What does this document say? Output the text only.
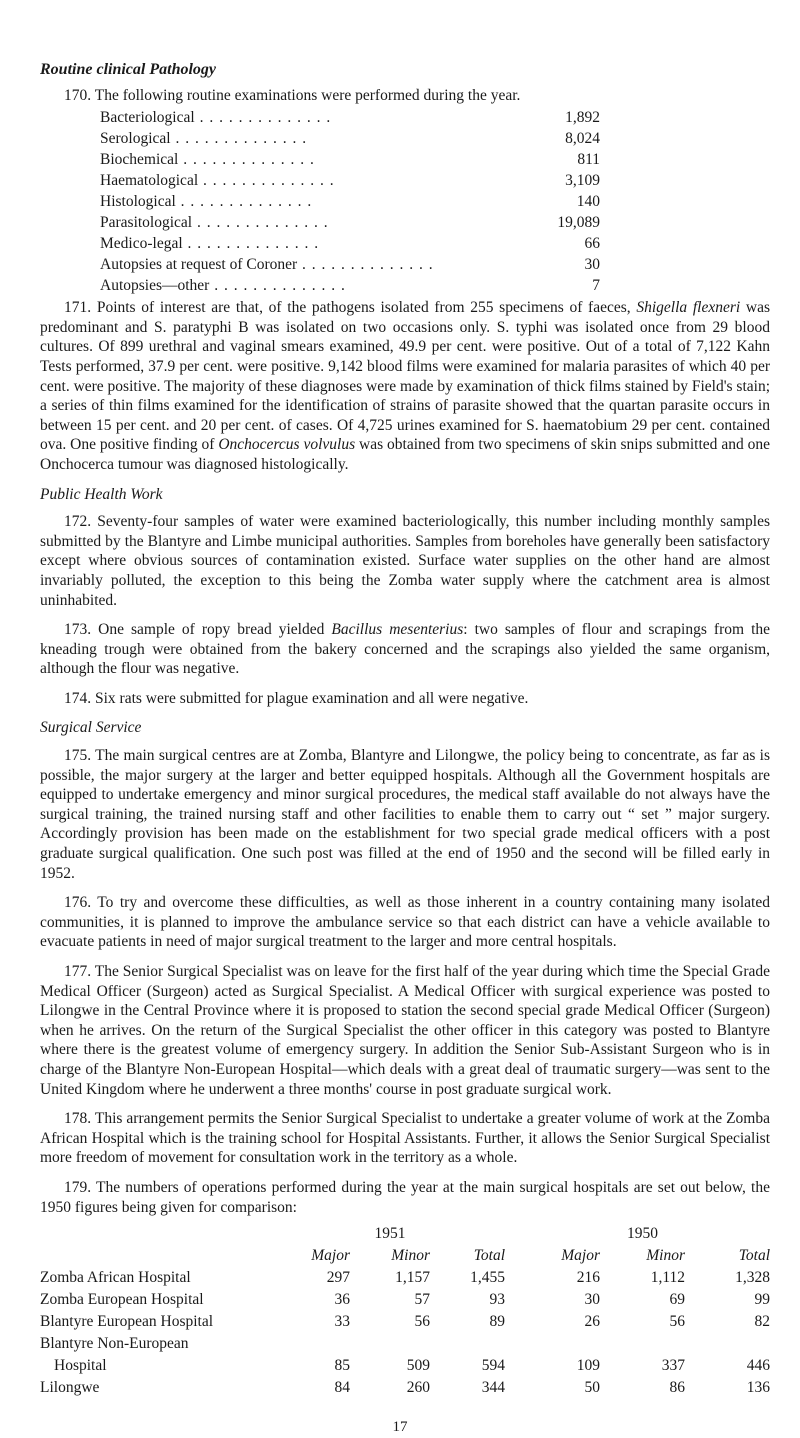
Routine clinical Pathology

170. The following routine examinations were performed during the year.

Bacteriological . .	1,892
Serological . .	8,024
Biochemical . .	811
Haematological . .	3,109
Histological . .	140
Parasitological . .	19,089
Medico-legal . .	66
Autopsies at request of Coroner . .	30
Autopsies—other . .	7

171. Points of interest are that, of the pathogens isolated from 255 specimens of faeces, Shigella flexneri was predominant and S. paratyphi B was isolated on two occasions only. S. typhi was isolated once from 29 blood cultures. Of 899 urethral and vaginal smears examined, 49.9 per cent. were positive. Out of a total of 7,122 Kahn Tests performed, 37.9 per cent. were positive. 9,142 blood films were examined for malaria parasites of which 40 per cent. were positive. The majority of these diagnoses were made by examination of thick films stained by Field's stain; a series of thin films examined for the identification of strains of parasite showed that the quartan parasite occurs in between 15 per cent. and 20 per cent. of cases. Of 4,725 urines examined for S. haematobium 29 per cent. contained ova. One positive finding of Onchocercus volvulus was obtained from two specimens of skin snips submitted and one Onchocerca tumour was diagnosed histologically.

Public Health Work

172. Seventy-four samples of water were examined bacteriologically, this number including monthly samples submitted by the Blantyre and Limbe municipal authorities. Samples from boreholes have generally been satisfactory except where obvious sources of contamination existed. Surface water supplies on the other hand are almost invariably polluted, the exception to this being the Zomba water supply where the catchment area is almost uninhabited.

173. One sample of ropy bread yielded Bacillus mesenterius: two samples of flour and scrapings from the kneading trough were obtained from the bakery concerned and the scrapings also yielded the same organism, although the flour was negative.

174. Six rats were submitted for plague examination and all were negative.

Surgical Service

175. The main surgical centres are at Zomba, Blantyre and Lilongwe, the policy being to concentrate, as far as is possible, the major surgery at the larger and better equipped hospitals. Although all the Government hospitals are equipped to undertake emergency and minor surgical procedures, the medical staff available do not always have the surgical training, the trained nursing staff and other facilities to enable them to carry out “ set ” major surgery. Accordingly provision has been made on the establishment for two special grade medical officers with a post graduate surgical qualification. One such post was filled at the end of 1950 and the second will be filled early in 1952.

176. To try and overcome these difficulties, as well as those inherent in a country containing many isolated communities, it is planned to improve the ambulance service so that each district can have a vehicle available to evacuate patients in need of major surgical treatment to the larger and more central hospitals.

177. The Senior Surgical Specialist was on leave for the first half of the year during which time the Special Grade Medical Officer (Surgeon) acted as Surgical Specialist. A Medical Officer with surgical experience was posted to Lilongwe in the Central Province where it is proposed to station the second special grade Medical Officer (Surgeon) when he arrives. On the return of the Surgical Specialist the other officer in this category was posted to Blantyre where there is the greatest volume of emergency surgery. In addition the Senior Sub-Assistant Surgeon who is in charge of the Blantyre Non-European Hospital—which deals with a great deal of traumatic surgery—was sent to the United Kingdom where he underwent a three months' course in post graduate surgical work.

178. This arrangement permits the Senior Surgical Specialist to undertake a greater volume of work at the Zomba African Hospital which is the training school for Hospital Assistants. Further, it allows the Senior Surgical Specialist more freedom of movement for consultation work in the territory as a whole.

179. The numbers of operations performed during the year at the main surgical hospitals are set out below, the 1950 figures being given for comparison:

		1951			1950	
	Major	Minor	Total	Major	Minor	Total
Zomba African Hospital	297	1,157	1,455	216	1,112	1,328
Zomba European Hospital	36	57	93	30	69	99
Blantyre European Hospital	33	56	89	26	56	82
Blantyre Non-European						
Hospital	85	509	594	109	337	446
Lilongwe	84	260	344	50	86	136
17
